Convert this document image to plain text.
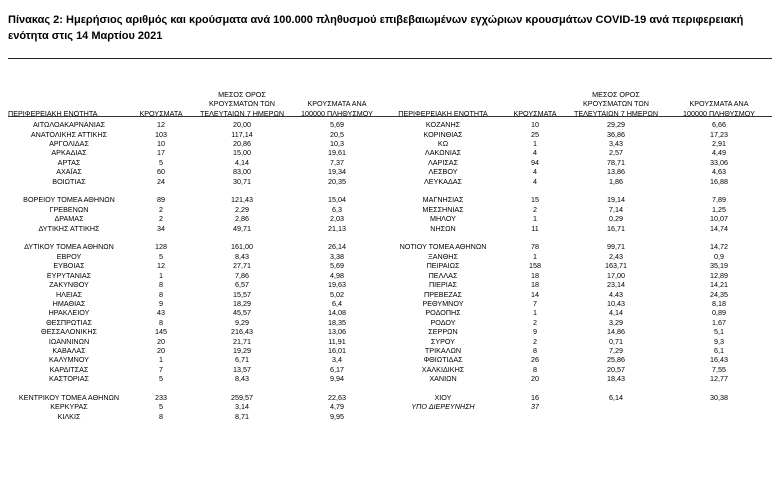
Πίνακας 2: Ημερήσιος αριθμός και κρούσματα ανά 100.000 πληθυσμού επιβεβαιωμένων εγχώριων κρουσμάτων COVID-19 ανά περιφερειακή ενότητα στις 14 Μαρτίου 2021
ΠΕΡΙΦΕΡΕΙΑΚΗ ΕΝΟΤΗΤΑ	ΚΡΟΥΣΜΑΤΑ	ΜΕΣΟΣ ΟΡΟΣ
ΚΡΟΥΣΜΑΤΩΝ ΤΩΝ
ΤΕΛΕΥΤΑΙΩΝ 7 ΗΜΕΡΩΝ	ΚΡΟΥΣΜΑΤΑ ΑΝΑ
100000 ΠΛΗΘΥΣΜΟΥ	ΠΕΡΙΦΕΡΕΙΑΚΗ ΕΝΟΤΗΤΑ	ΚΡΟΥΣΜΑΤΑ	ΜΕΣΟΣ ΟΡΟΣ
ΚΡΟΥΣΜΑΤΩΝ ΤΩΝ
ΤΕΛΕΥΤΑΙΩΝ 7 ΗΜΕΡΩΝ	ΚΡΟΥΣΜΑΤΑ ΑΝΑ
100000 ΠΛΗΘΥΣΜΟΥ
ΑΙΤΩΛΟΑΚΑΡΝΑΝΙΑΣ	12	20,00	5,69	ΚΟΖΑΝΗΣ	10	29,29	6,66
ΑΝΑΤΟΛΙΚΗΣ ΑΤΤΙΚΗΣ	103	117,14	20,5	ΚΟΡΙΝΘΙΑΣ	25	36,86	17,23
ΑΡΓΟΛΙΔΑΣ	10	20,86	10,3	ΚΩ	1	3,43	2,91
ΑΡΚΑΔΙΑΣ	17	15,00	19,61	ΛΑΚΩΝΙΑΣ	4	2,57	4,49
ΑΡΤΑΣ	5	4,14	7,37	ΛΑΡΙΣΑΣ	94	78,71	33,06
ΑΧΑΪΑΣ	60	83,00	19,34	ΛΕΣΒΟΥ	4	13,86	4,63
ΒΟΙΩΤΙΑΣ	24	30,71	20,35	ΛΕΥΚΑΔΑΣ	4	1,86	16,88

ΒΟΡΕΙΟΥ ΤΟΜΕΑ ΑΘΗΝΩΝ	89	121,43	15,04	ΜΑΓΝΗΣΙΑΣ	15	19,14	7,89
ΓΡΕΒΕΝΩΝ	2	2,29	6,3	ΜΕΣΣΗΝΙΑΣ	2	7,14	1,25
ΔΡΑΜΑΣ	2	2,86	2,03	ΜΗΛΟΥ	1	0,29	10,07
ΔΥΤΙΚΗΣ ΑΤΤΙΚΗΣ	34	49,71	21,13	ΝΗΣΩΝ	11	16,71	14,74

ΔΥΤΙΚΟΥ ΤΟΜΕΑ ΑΘΗΝΩΝ	128	161,00	26,14	ΝΟΤΙΟΥ ΤΟΜΕΑ ΑΘΗΝΩΝ	78	99,71	14,72
ΕΒΡΟΥ	5	8,43	3,38	ΞΑΝΘΗΣ	1	2,43	0,9
ΕΥΒΟΙΑΣ	12	27,71	5,69	ΠΕΙΡΑΙΩΣ	158	163,71	35,19
ΕΥΡΥΤΑΝΙΑΣ	1	7,86	4,98	ΠΕΛΛΑΣ	18	17,00	12,89
ΖΑΚΥΝΘΟΥ	8	6,57	19,63	ΠΙΕΡΙΑΣ	18	23,14	14,21
ΗΛΕΙΑΣ	8	15,57	5,02	ΠΡΕΒΕΖΑΣ	14	4,43	24,35
ΗΜΑΘΙΑΣ	9	18,29	6,4	ΡΕΘΥΜΝΟΥ	7	10,43	8,18
ΗΡΑΚΛΕΙΟΥ	43	45,57	14,08	ΡΟΔΟΠΗΣ	1	4,14	0,89
ΘΕΣΠΡΩΤΙΑΣ	8	9,29	18,35	ΡΟΔΟΥ	2	3,29	1,67
ΘΕΣΣΑΛΟΝΙΚΗΣ	145	216,43	13,06	ΣΕΡΡΩΝ	9	14,86	5,1
ΙΩΑΝΝΙΝΩΝ	20	21,71	11,91	ΣΥΡΟΥ	2	0,71	9,3
ΚΑΒΑΛΑΣ	20	19,29	16,01	ΤΡΙΚΑΛΩΝ	8	7,29	6,1
ΚΑΛΥΜΝΟΥ	1	6,71	3,4	ΦΘΙΩΤΙΔΑΣ	26	25,86	16,43
ΚΑΡΔΙΤΣΑΣ	7	13,57	6,17	ΧΑΛΚΙΔΙΚΗΣ	8	20,57	7,55
ΚΑΣΤΟΡΙΑΣ	5	8,43	9,94	ΧΑΝΙΩΝ	20	18,43	12,77

ΚΕΝΤΡΙΚΟΥ ΤΟΜΕΑ ΑΘΗΝΩΝ	233	259,57	22,63	ΧΙΟΥ	16	6,14	30,38
ΚΕΡΚΥΡΑΣ	5	3,14	4,79	ΥΠΟ ΔΙΕΡΕΥΝΗΣΗ	37		
ΚΙΛΚΙΣ	8	8,71	9,95				
